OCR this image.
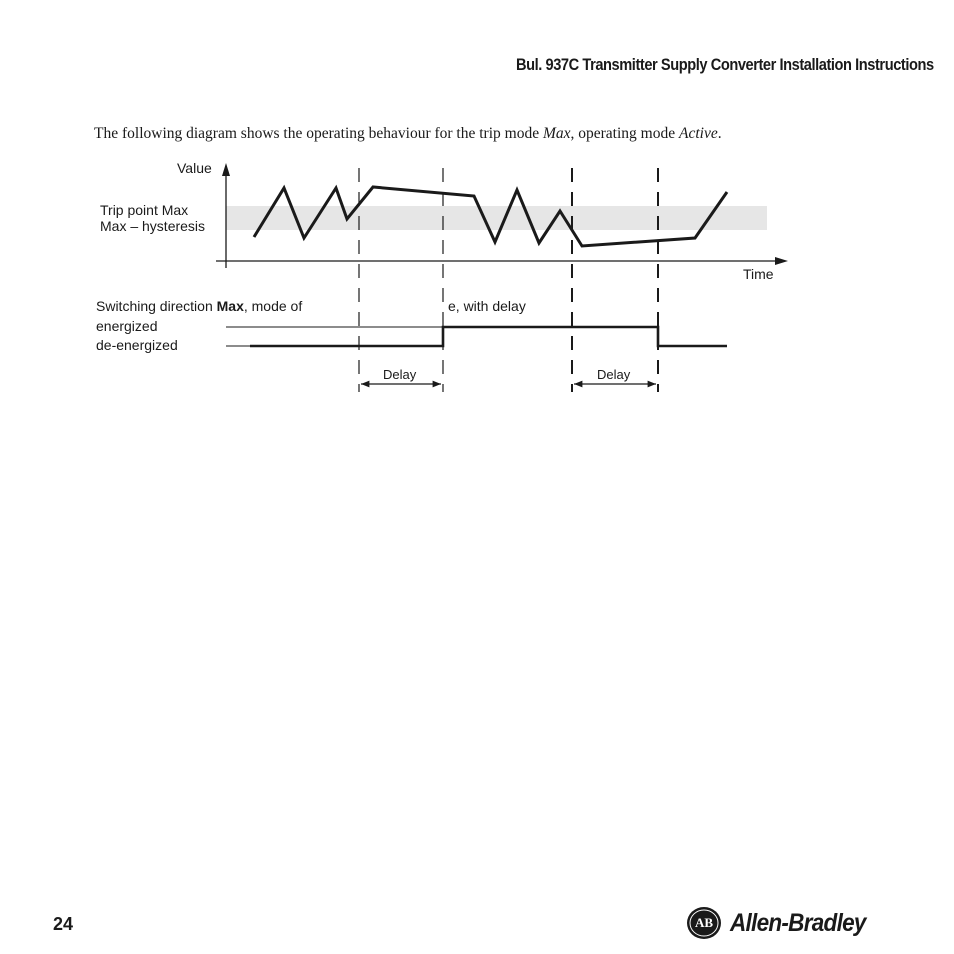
Bul. 937C Transmitter Supply Converter Installation Instructions
The following diagram shows the operating behaviour for the trip mode Max, operating mode Active.
Value
Time
Trip point Max
Max – hysteresis
Switching direction Max, mode of	e, with delay
energized
de-energized
Delay	Delay
24	AB Allen-Bradley
